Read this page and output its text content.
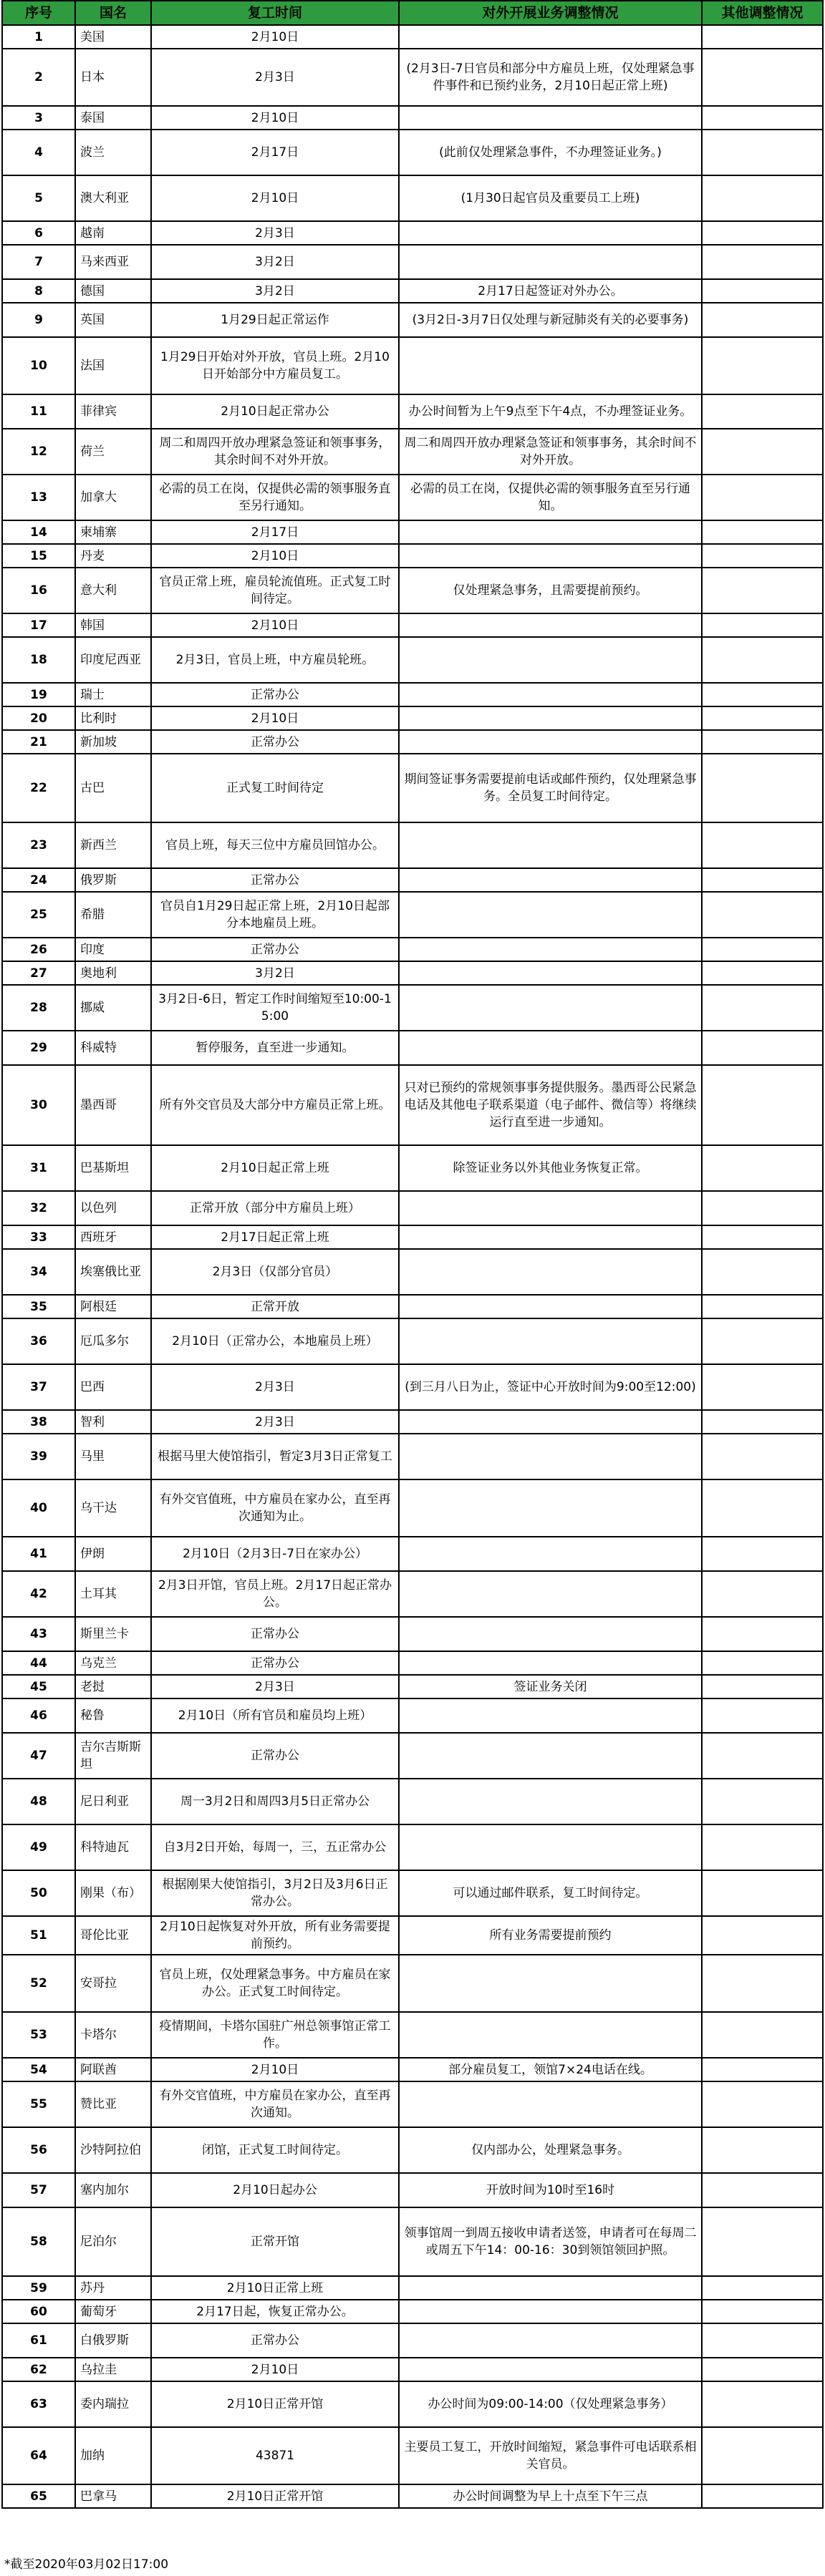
序号	国名	复工时间	对外开展业务调整情况	其他调整情况
1	美国	2月10日		
2	日本	2月3日	(2月3日-7日官员和部分中方雇员上班，仅处理紧急事件事件和已预约业务，2月10日起正常上班)	
3	泰国	2月10日		
4	波兰	2月17日	(此前仅处理紧急事件，不办理签证业务。)	
5	澳大利亚	2月10日	(1月30日起官员及重要员工上班)	
6	越南	2月3日		
7	马来西亚	3月2日		
8	德国	3月2日	2月17日起签证对外办公。	
9	英国	1月29日起正常运作	(3月2日-3月7日仅处理与新冠肺炎有关的必要事务)	
10	法国	1月29日开始对外开放，官员上班。2月10日开始部分中方雇员复工。		
11	菲律宾	2月10日起正常办公	办公时间暂为上午9点至下午4点，不办理签证业务。	
12	荷兰	周二和周四开放办理紧急签证和领事事务，其余时间不对外开放。	周二和周四开放办理紧急签证和领事事务，其余时间不对外开放。	
13	加拿大	必需的员工在岗，仅提供必需的领事服务直至另行通知。	必需的员工在岗，仅提供必需的领事服务直至另行通知。	
14	柬埔寨	2月17日		
15	丹麦	2月10日		
16	意大利	官员正常上班，雇员轮流值班。正式复工时间待定。	仅处理紧急事务，且需要提前预约。	
17	韩国	2月10日		
18	印度尼西亚	2月3日，官员上班，中方雇员轮班。		
19	瑞士	正常办公		
20	比利时	2月10日		
21	新加坡	正常办公		
22	古巴	正式复工时间待定	期间签证事务需要提前电话或邮件预约，仅处理紧急事务。全员复工时间待定。	
23	新西兰	官员上班，每天三位中方雇员回馆办公。		
24	俄罗斯	正常办公		
25	希腊	官员自1月29日起正常上班，2月10日起部分本地雇员上班。		
26	印度	正常办公		
27	奥地利	3月2日		
28	挪威	3月2日-6日，暂定工作时间缩短至10:00-15:00		
29	科威特	暂停服务，直至进一步通知。		
30	墨西哥	所有外交官员及大部分中方雇员正常上班。	只对已预约的常规领事事务提供服务。墨西哥公民紧急电话及其他电子联系渠道（电子邮件、微信等）将继续运行直至进一步通知。	
31	巴基斯坦	2月10日起正常上班	除签证业务以外其他业务恢复正常。	
32	以色列	正常开放（部分中方雇员上班）		
33	西班牙	2月17日起正常上班		
34	埃塞俄比亚	2月3日（仅部分官员）		
35	阿根廷	正常开放		
36	厄瓜多尔	2月10日（正常办公，本地雇员上班）		
37	巴西	2月3日	(到三月八日为止，签证中心开放时间为9:00至12:00)	
38	智利	2月3日		
39	马里	根据马里大使馆指引，暂定3月3日正常复工		
40	乌干达	有外交官值班，中方雇员在家办公，直至再次通知为止。		
41	伊朗	2月10日（2月3日-7日在家办公）		
42	土耳其	2月3日开馆，官员上班。2月17日起正常办公。		
43	斯里兰卡	正常办公		
44	乌克兰	正常办公		
45	老挝	2月3日	签证业务关闭	
46	秘鲁	2月10日（所有官员和雇员均上班）		
47	吉尔吉斯斯坦	正常办公		
48	尼日利亚	周一3月2日和周四3月5日正常办公		
49	科特迪瓦	自3月2日开始，每周一，三，五正常办公		
50	刚果（布）	根据刚果大使馆指引，3月2日及3月6日正常办公。	可以通过邮件联系，复工时间待定。	
51	哥伦比亚	2月10日起恢复对外开放，所有业务需要提前预约。	所有业务需要提前预约	
52	安哥拉	官员上班，仅处理紧急事务。中方雇员在家办公。正式复工时间待定。		
53	卡塔尔	疫情期间，卡塔尔国驻广州总领事馆正常工作。		
54	阿联酋	2月10日	部分雇员复工，领馆7×24电话在线。	
55	赞比亚	有外交官值班，中方雇员在家办公，直至再次通知。		
56	沙特阿拉伯	闭馆，正式复工时间待定。	仅内部办公，处理紧急事务。	
57	塞内加尔	2月10日起办公	开放时间为10时至16时	
58	尼泊尔	正常开馆	领事馆周一到周五接收申请者送签，申请者可在每周二或周五下午14：00-16：30到领馆领回护照。	
59	苏丹	2月10日正常上班		
60	葡萄牙	2月17日起，恢复正常办公。		
61	白俄罗斯	正常办公		
62	乌拉圭	2月10日		
63	委内瑞拉	2月10日正常开馆	办公时间为09:00-14:00（仅处理紧急事务）	
64	加纳	43871	主要员工复工，开放时间缩短，紧急事件可电话联系相关官员。	
65	巴拿马	2月10日正常开馆	办公时间调整为早上十点至下午三点	
*截至2020年03月02日17:00
